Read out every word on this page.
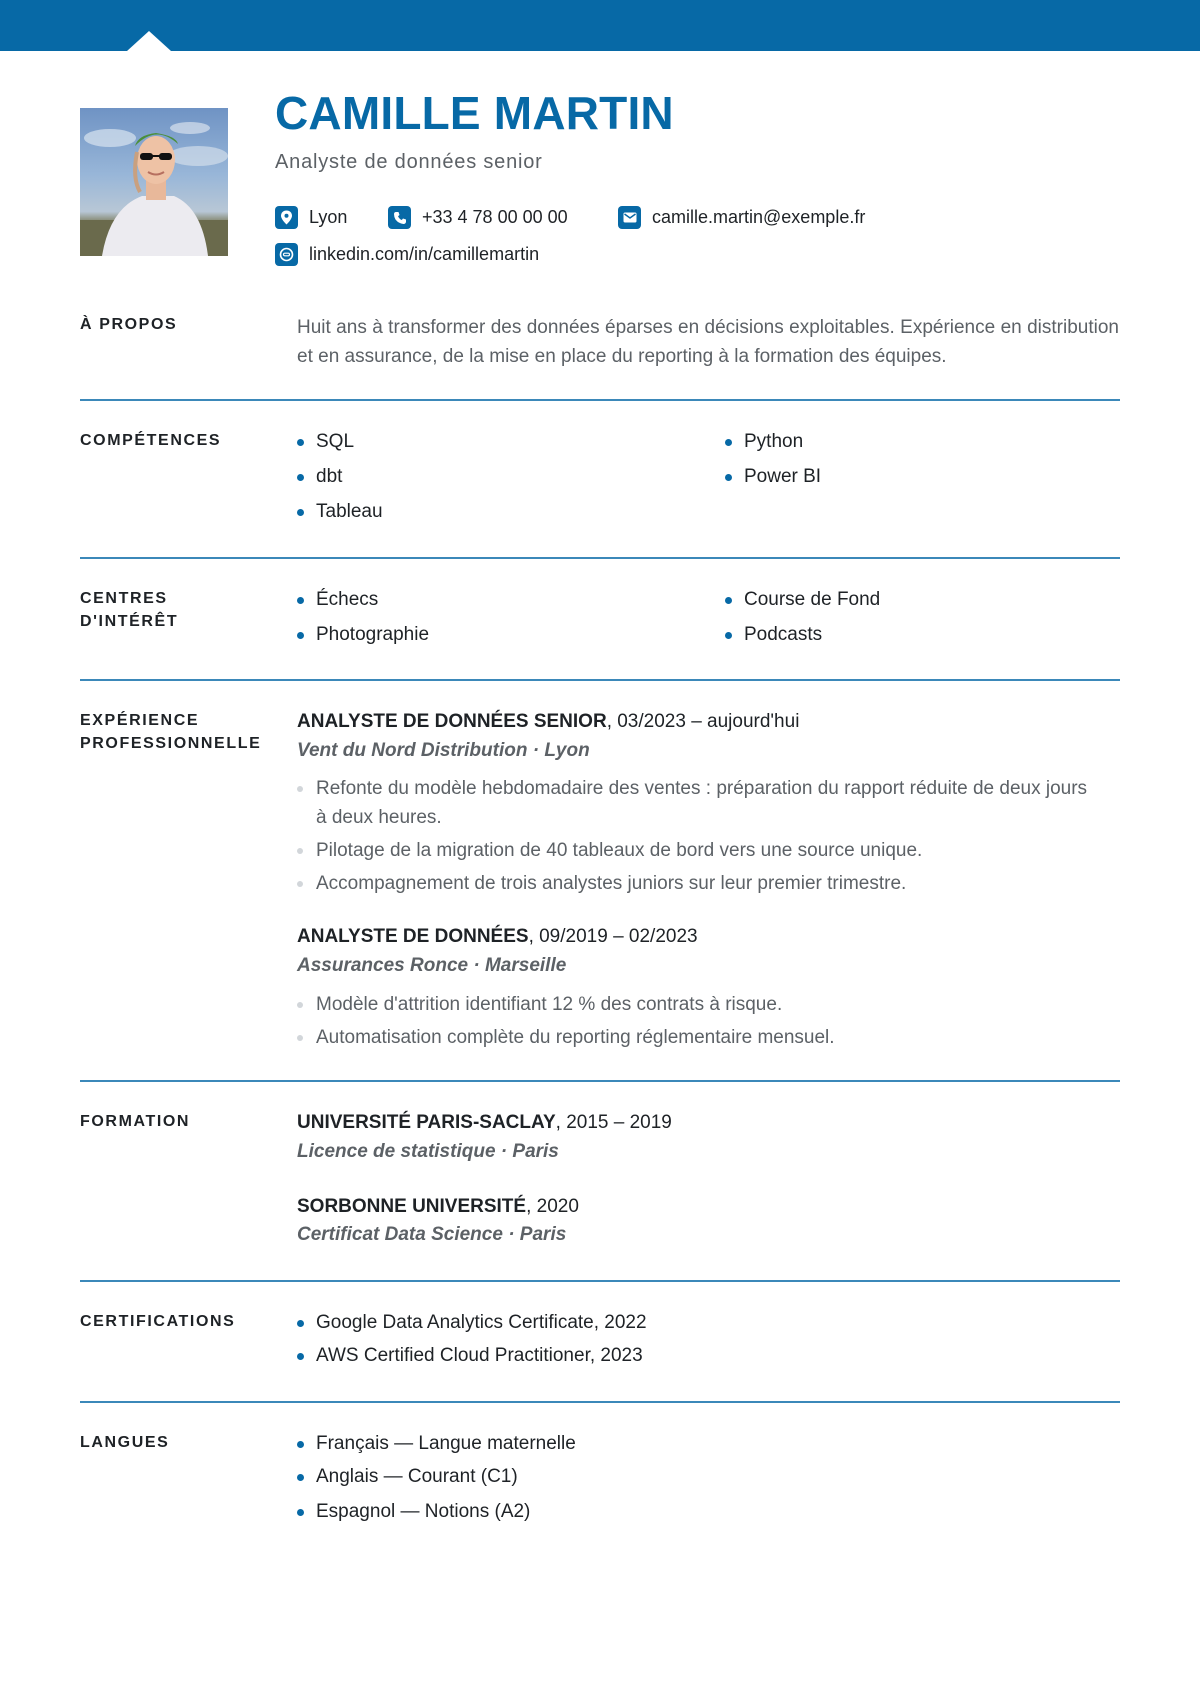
CAMILLE MARTIN
Analyste de données senior
Lyon	+33 4 78 00 00 00	camille.martin@exemple.fr
linkedin.com/in/camillemartin
À PROPOS	Huit ans à transformer des données éparses en décisions exploitables. Expérience en distribution et en assurance, de la mise en place du reporting à la formation des équipes.

COMPÉTENCES	SQL	Python
dbt	Power BI
Tableau
CENTRES
D'INTÉRÊT
Échecs	Course de Fond
Photographie	Podcasts
EXPÉRIENCE
PROFESSIONNELLE
ANALYSTE DE DONNÉES SENIOR, 03/2023 – aujourd'hui
Vent du Nord Distribution · Lyon
Refonte du modèle hebdomadaire des ventes : préparation du rapport réduite de deux jours à deux heures.
Pilotage de la migration de 40 tableaux de bord vers une source unique.
Accompagnement de trois analystes juniors sur leur premier trimestre.
ANALYSTE DE DONNÉES, 09/2019 – 02/2023
Assurances Ronce · Marseille
Modèle d'attrition identifiant 12 % des contrats à risque.
Automatisation complète du reporting réglementaire mensuel.
FORMATION	UNIVERSITÉ PARIS-SACLAY, 2015 – 2019
Licence de statistique · Paris
SORBONNE UNIVERSITÉ, 2020
Certificat Data Science · Paris
CERTIFICATIONS	Google Data Analytics Certificate, 2022
AWS Certified Cloud Practitioner, 2023
LANGUES	Français — Langue maternelle
Anglais — Courant (C1)
Espagnol — Notions (A2)
